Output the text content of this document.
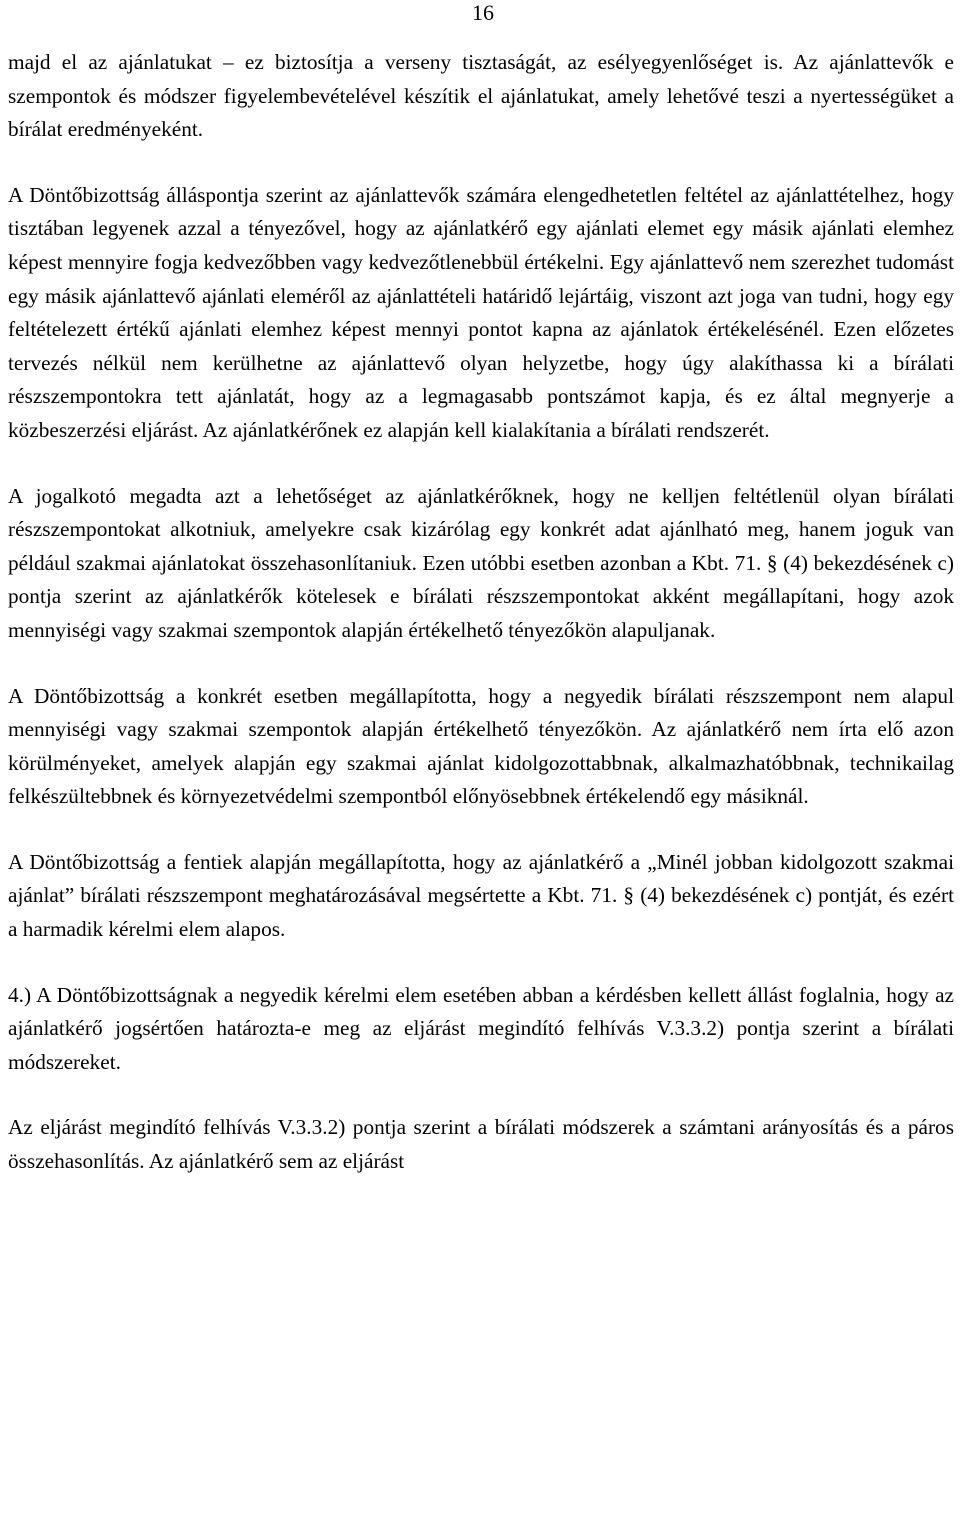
16

majd el az ajánlatukat – ez biztosítja a verseny tisztaságát, az esélyegyenlőséget is. Az ajánlattevők e szempontok és módszer figyelembevételével készítik el ajánlatukat, amely lehetővé teszi a nyertességüket a bírálat eredményeként.

A Döntőbizottság álláspontja szerint az ajánlattevők számára elengedhetetlen feltétel az ajánlattételhez, hogy tisztában legyenek azzal a tényezővel, hogy az ajánlatkérő egy ajánlati elemet egy másik ajánlati elemhez képest mennyire fogja kedvezőbben vagy kedvezőtlenebbül értékelni. Egy ajánlattevő nem szerezhet tudomást egy másik ajánlattevő ajánlati eleméről az ajánlattételi határidő lejártáig, viszont azt joga van tudni, hogy egy feltételezett értékű ajánlati elemhez képest mennyi pontot kapna az ajánlatok értékelésénél. Ezen előzetes tervezés nélkül nem kerülhetne az ajánlattevő olyan helyzetbe, hogy úgy alakíthassa ki a bírálati részszempontokra tett ajánlatát, hogy az a legmagasabb pontszámot kapja, és ez által megnyerje a közbeszerzési eljárást. Az ajánlatkérőnek ez alapján kell kialakítania a bírálati rendszerét.

A jogalkotó megadta azt a lehetőséget az ajánlatkérőknek, hogy ne kelljen feltétlenül olyan bírálati részszempontokat alkotniuk, amelyekre csak kizárólag egy konkrét adat ajánlható meg, hanem joguk van például szakmai ajánlatokat összehasonlítaniuk. Ezen utóbbi esetben azonban a Kbt. 71. § (4) bekezdésének c) pontja szerint az ajánlatkérők kötelesek e bírálati részszempontokat akként megállapítani, hogy azok mennyiségi vagy szakmai szempontok alapján értékelhető tényezőkön alapuljanak.

A Döntőbizottság a konkrét esetben megállapította, hogy a negyedik bírálati részszempont nem alapul mennyiségi vagy szakmai szempontok alapján értékelhető tényezőkön. Az ajánlatkérő nem írta elő azon körülményeket, amelyek alapján egy szakmai ajánlat kidolgozottabbnak, alkalmazhatóbbnak, technikailag felkészültebbnek és környezetvédelmi szempontból előnyösebbnek értékelendő egy másiknál.

A Döntőbizottság a fentiek alapján megállapította, hogy az ajánlatkérő a „Minél jobban kidolgozott szakmai ajánlat” bírálati részszempont meghatározásával megsértette a Kbt. 71. § (4) bekezdésének c) pontját, és ezért a harmadik kérelmi elem alapos.

4.) A Döntőbizottságnak a negyedik kérelmi elem esetében abban a kérdésben kellett állást foglalnia, hogy az ajánlatkérő jogsértően határozta-e meg az eljárást megindító felhívás V.3.3.2) pontja szerint a bírálati módszereket.

Az eljárást megindító felhívás V.3.3.2) pontja szerint a bírálati módszerek a számtani arányosítás és a páros összehasonlítás. Az ajánlatkérő sem az eljárást
